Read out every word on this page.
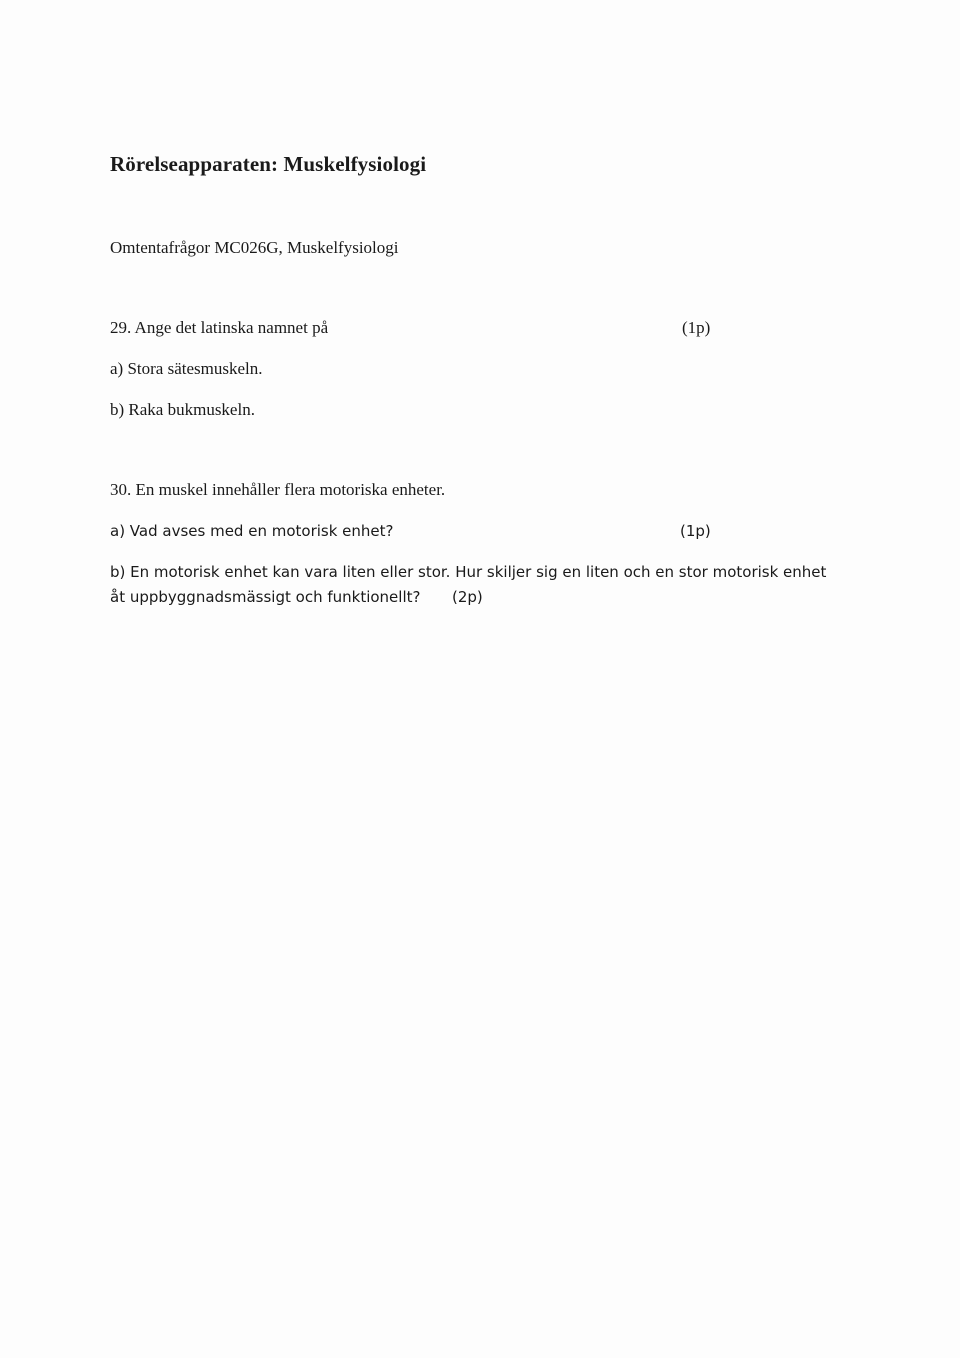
Rörelseapparaten: Muskelfysiologi

Omtentafrågor MC026G, Muskelfysiologi

29. Ange det latinska namnet på	(1p)

a) Stora sätesmuskeln.

b) Raka bukmuskeln.

30. En muskel innehåller flera motoriska enheter.

a) Vad avses med en motorisk enhet?	(1p)

b) En motorisk enhet kan vara liten eller stor. Hur skiljer sig en liten och en stor motorisk enhet

åt uppbyggnadsmässigt och funktionellt? (2p)
